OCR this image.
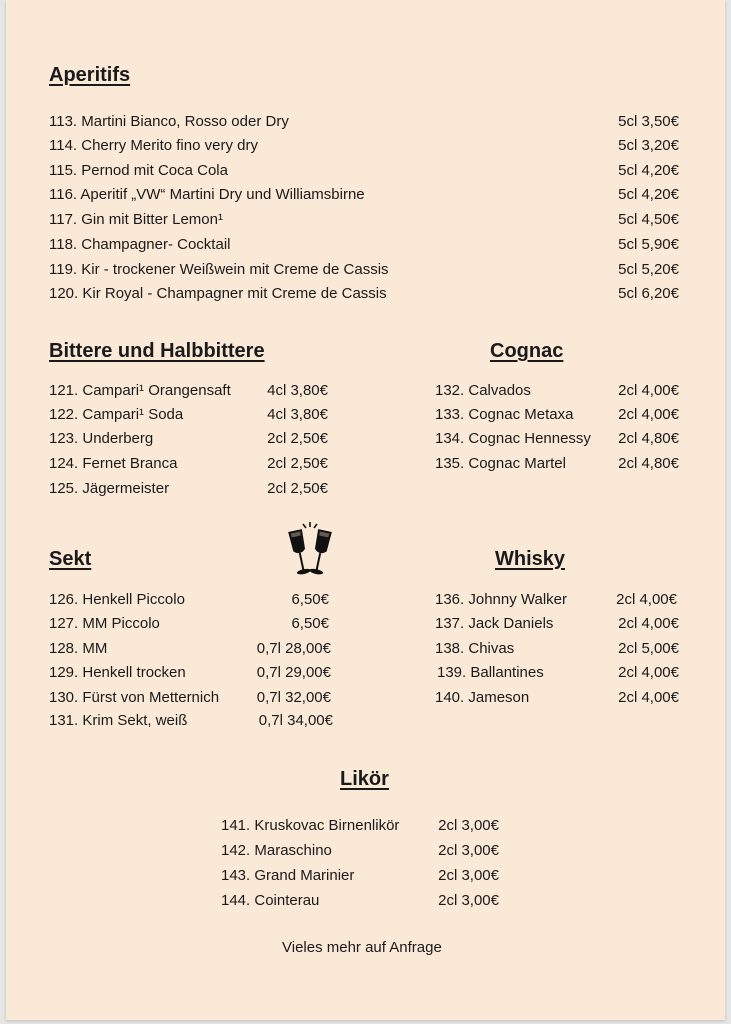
Aperitifs
113. Martini Bianco, Rosso oder Dry	5cl 3,50€
114. Cherry Merito fino very dry	5cl 3,20€
115. Pernod mit Coca Cola	5cl 4,20€
116. Aperitif „VW“ Martini Dry und Williamsbirne	5cl 4,20€
117. Gin mit Bitter Lemon¹	5cl 4,50€
118. Champagner- Cocktail	5cl 5,90€
119. Kir - trockener Weißwein mit Creme de Cassis	5cl 5,20€
120. Kir Royal - Champagner mit Creme de Cassis	5cl 6,20€
Bittere und Halbbittere
121. Campari¹ Orangensaft 4cl 3,80€
122. Campari¹ Soda	4cl 3,80€
123. Underberg	2cl 2,50€
124. Fernet Branca	2cl 2,50€
125. Jägermeister	2cl 2,50€
Cognac
132. Calvados	2cl 4,00€
133. Cognac Metaxa	2cl 4,00€
134. Cognac Hennessy 2cl 4,80€
135. Cognac Martel	2cl 4,80€
Sekt
126. Henkell Piccolo	6,50€
127. MM Piccolo	6,50€
128. MM	0,7l 28,00€
129. Henkell trocken	0,7l 29,00€
130. Fürst von Metternich	0,7l 32,00€
131. Krim Sekt, weiß	0,7l 34,00€
Whisky
136. Johnny Walker	2cl 4,00€
137. Jack Daniels	2cl 4,00€
138. Chivas	2cl 5,00€
139. Ballantines	2cl 4,00€
140. Jameson	2cl 4,00€
Likör
141. Kruskovac Birnenlikör	2cl 3,00€
142. Maraschino	2cl 3,00€
143. Grand Marinier	2cl 3,00€
144. Cointerau	2cl 3,00€
Vieles mehr auf Anfrage
